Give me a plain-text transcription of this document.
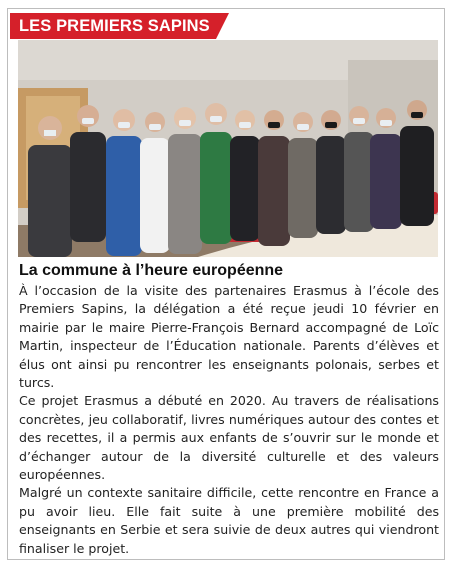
LES PREMIERS SAPINS
La commune à l’heure européenne

À l’occasion de la visite des partenaires Erasmus à l’école des Premiers Sapins, la délégation a été reçue jeudi 10 février en mairie par le maire Pierre-François Bernard accompagné de Loïc Martin, inspecteur de l’Éducation nationale. Parents d’élèves et élus ont ainsi pu rencontrer les enseignants polonais, serbes et turcs.

Ce projet Erasmus a débuté en 2020. Au travers de réalisations concrètes, jeu collaboratif, livres numériques autour des contes et des recettes, il a permis aux enfants de s’ouvrir sur le monde et d’échanger autour de la diversité culturelle et des valeurs européennes.

Malgré un contexte sanitaire difficile, cette rencontre en France a pu avoir lieu. Elle fait suite à une première mobilité des enseignants en Serbie et sera suivie de deux autres qui viendront finaliser le projet.
